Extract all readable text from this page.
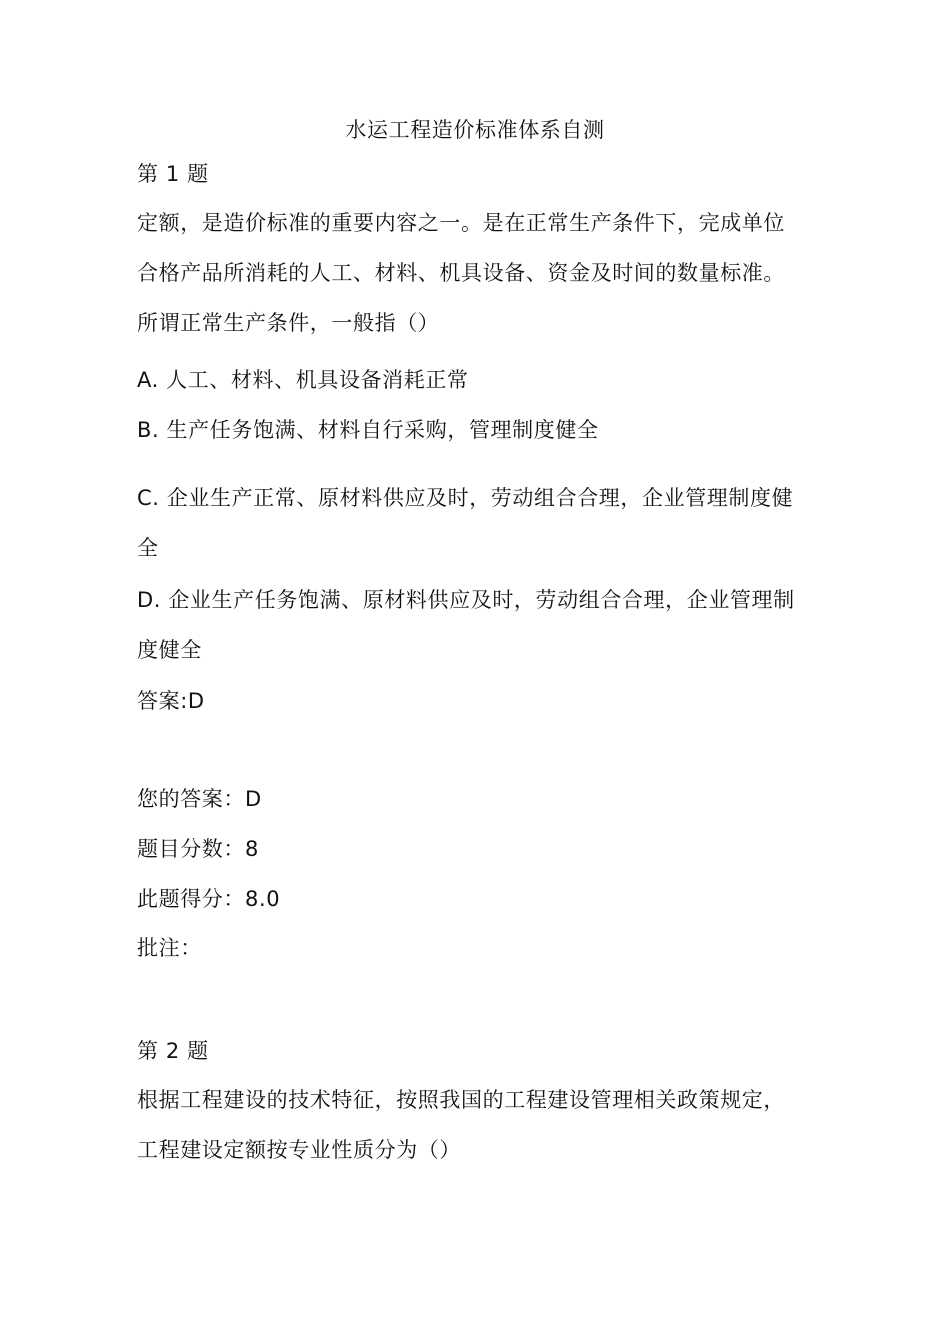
水运工程造价标准体系自测
第 1 题
定额，是造价标准的重要内容之一。是在正常生产条件下，完成单位
合格产品所消耗的人工、材料、机具设备、资金及时间的数量标准。
所谓正常生产条件，一般指（）
A. 人工、材料、机具设备消耗正常
B. 生产任务饱满、材料自行采购，管理制度健全
C. 企业生产正常、原材料供应及时，劳动组合合理，企业管理制度健
全
D. 企业生产任务饱满、原材料供应及时，劳动组合合理，企业管理制
度健全
答案:D
您的答案：D
题目分数：8
此题得分：8.0
批注：
第 2 题
根据工程建设的技术特征，按照我国的工程建设管理相关政策规定，
工程建设定额按专业性质分为（）
